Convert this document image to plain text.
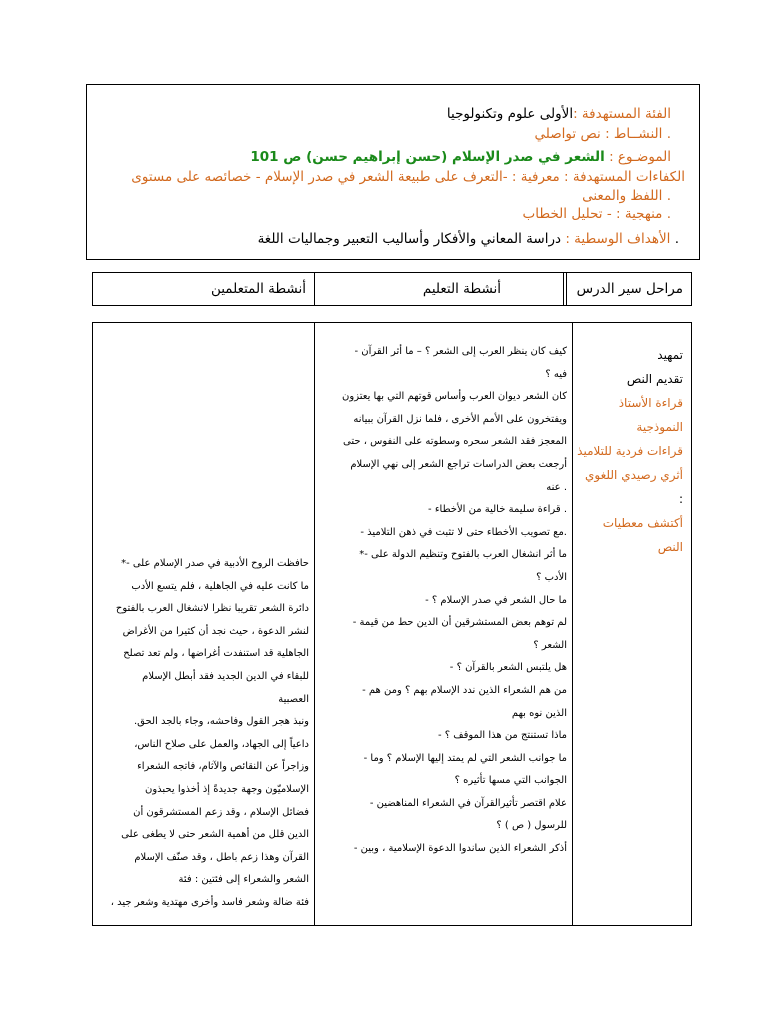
الفئة المستهدفة :الأولى علوم وتكنولوجيا
. النشــاط : نص تواصلي
الموضـوع : الشعر في صدر الإسلام (حسن إبراهيم حسن) ص 101
الكفاءات المستهدفة : معرفية : -التعرف على طبيعة الشعر في صدر الإسلام - خصائصه على مستوى
. اللفظ والمعنى
. منهجية : - تحليل الخطاب
. الأهداف الوسطية : دراسة المعاني والأفكار وأساليب التعبير وجماليات اللغة
مراحل سير الدرس
أنشطة التعليم
أنشطة المتعلمين
تمهيد
تقديم النص
قراءة الأستاذ
النموذجية
قراءات فردية للتلاميذ
أثري رصيدي اللغوي
:
أكتشف معطيات
النص
كيف كان ينظر العرب إلى الشعر ؟ – ما أثر القرآن -
فيه ؟
كان الشعر ديوان العرب وأساس قوتهم التي بها يعتزون
ويفتخرون على الأمم الأخرى ، فلما نزل القرآن ببيانه
المعجز فقد الشعر سحره وسطوته على النفوس ، حتى
أرجعت بعض الدراسات تراجع الشعر إلى نهي الإسلام
. عنه
. قراءة سليمة خالية من الأخطاء -
.مع تصويب الأخطاء حتى لا تثبت في ذهن التلاميذ -
ما أثر انشغال العرب بالفتوح وتنظيم الدولة على -*
الأدب ؟
ما حال الشعر في صدر الإسلام ؟ -
لم توهم بعض المستشرقين أن الدين حط من قيمة -
الشعر ؟
هل يلتبس الشعر بالقرآن ؟ -
من هم الشعراء الذين ندد الإسلام بهم ؟ ومن هم -
الذين نوه بهم
ماذا تستنتج من هذا الموقف ؟ -
ما جوانب الشعر التي لم يمتد إليها الإسلام ؟ وما -
الجوانب التي مسها تأثيره ؟
علام اقتصر تأثيرالقرآن في الشعراء المناهضين -
للرسول ( ص ) ؟
أذكر الشعراء الذين ساندوا الدعوة الإسلامية ، وبين -
حافظت الروح الأدبية في صدر الإسلام على -*
ما كانت عليه في الجاهلية ، فلم يتسع الأدب
دائرة الشعر تقريبا نظرا لانشغال العرب بالفتوح
لنشر الدعوة ، حيث نجد أن كثيرا من الأغراض
الجاهلية قد استنفدت أغراضها ، ولم تعد تصلح
للبقاء في الدين الجديد فقد أبطل الإسلام
العصبية
ونبذ هجر القول وفاحشه، وجاء بالجد الحق.
داعياً إلى الجهاد، والعمل على صلاح الناس،
وزاجراً عن النقائص والآثام، فاتجه الشعراء
الإسلاميّون وجهة جديدةً إذ أخذوا يحبذون
فضائل الإسلام ، وقد زعم المستشرقون أن
الدين قلل من أهمية الشعر حتى لا يطغى على
القرآن وهذا زعم باطل ، وقد صنّف الإسلام
الشعر والشعراء إلى فئتين : فئة
فئة ضالة وشعر فاسد وأخرى مهتدية وشعر جيد ،
